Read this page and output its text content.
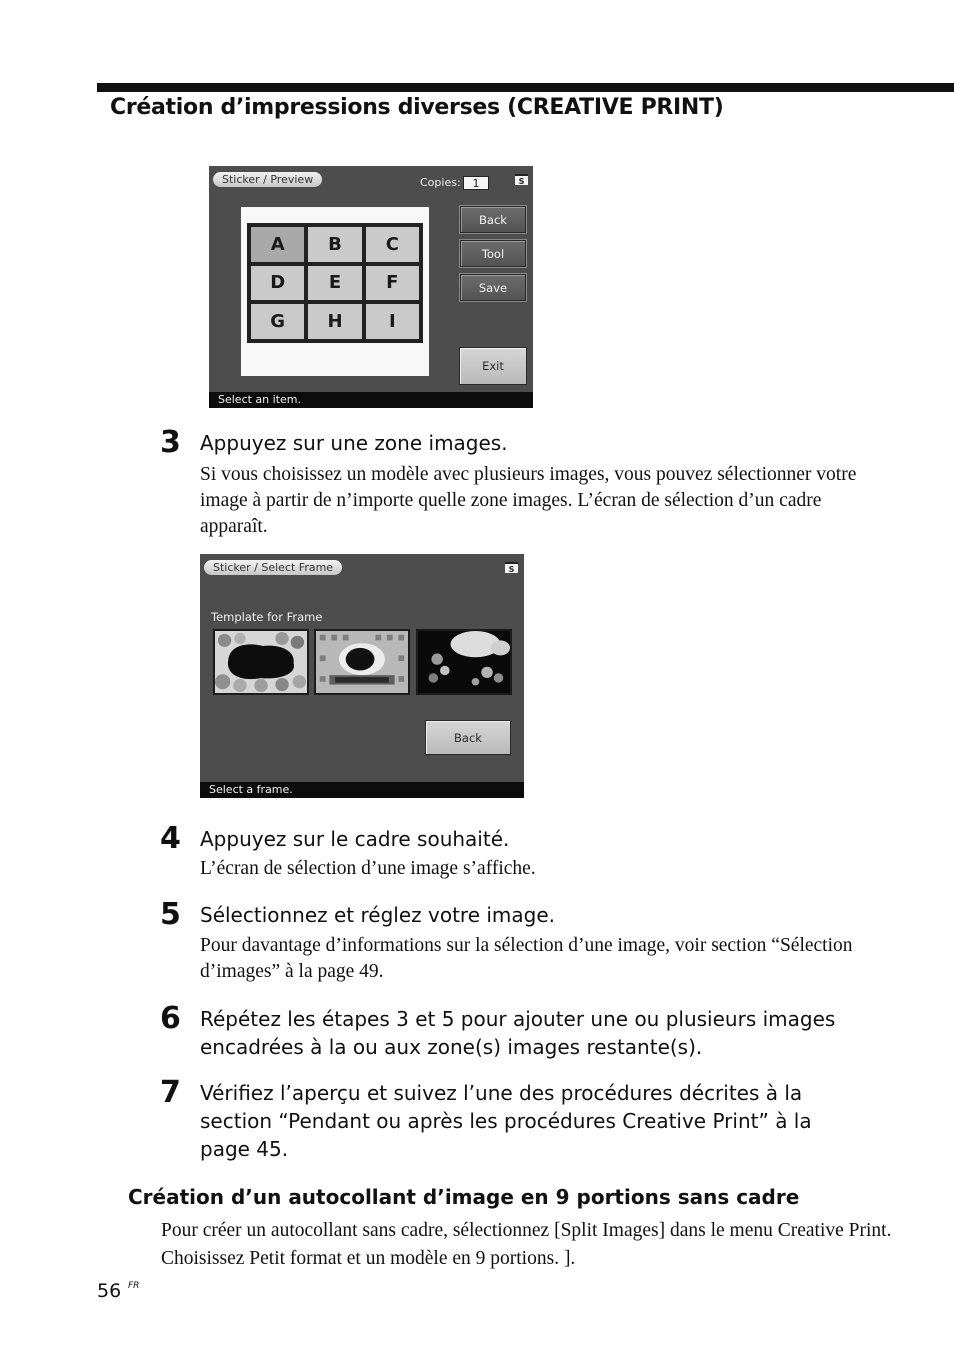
Création d’impressions diverses (CREATIVE PRINT)
Sticker / Preview	Copies:	1	S
A	B	C
D	E	F
G	H	I
Back
Tool
Save
Exit
Select an item.
3 Appuyez sur une zone images.

Si vous choisissez un modèle avec plusieurs images, vous pouvez sélectionner votre image à partir de n’importe quelle zone images. L’écran de sélection d’un cadre apparaît.

Sticker / Select Frame	S
Template for Frame
Back
Select a frame.
4 Appuyez sur le cadre souhaité.

L’écran de sélection d’une image s’affiche.

5 Sélectionnez et réglez votre image.

Pour davantage d’informations sur la sélection d’une image, voir section “Sélection d’images” à la page 49.

6 Répétez les étapes 3 et 5 pour ajouter une ou plusieurs images encadrées à la ou aux zone(s) images restante(s).

7 Vérifiez l’aperçu et suivez l’une des procédures décrites à la section “Pendant ou après les procédures Creative Print” à la page 45.

Création d’un autocollant d’image en 9 portions sans cadre

Pour créer un autocollant sans cadre, sélectionnez [Split Images] dans le menu Creative Print. Choisissez Petit format et un modèle en 9 portions. ].

56 FR
